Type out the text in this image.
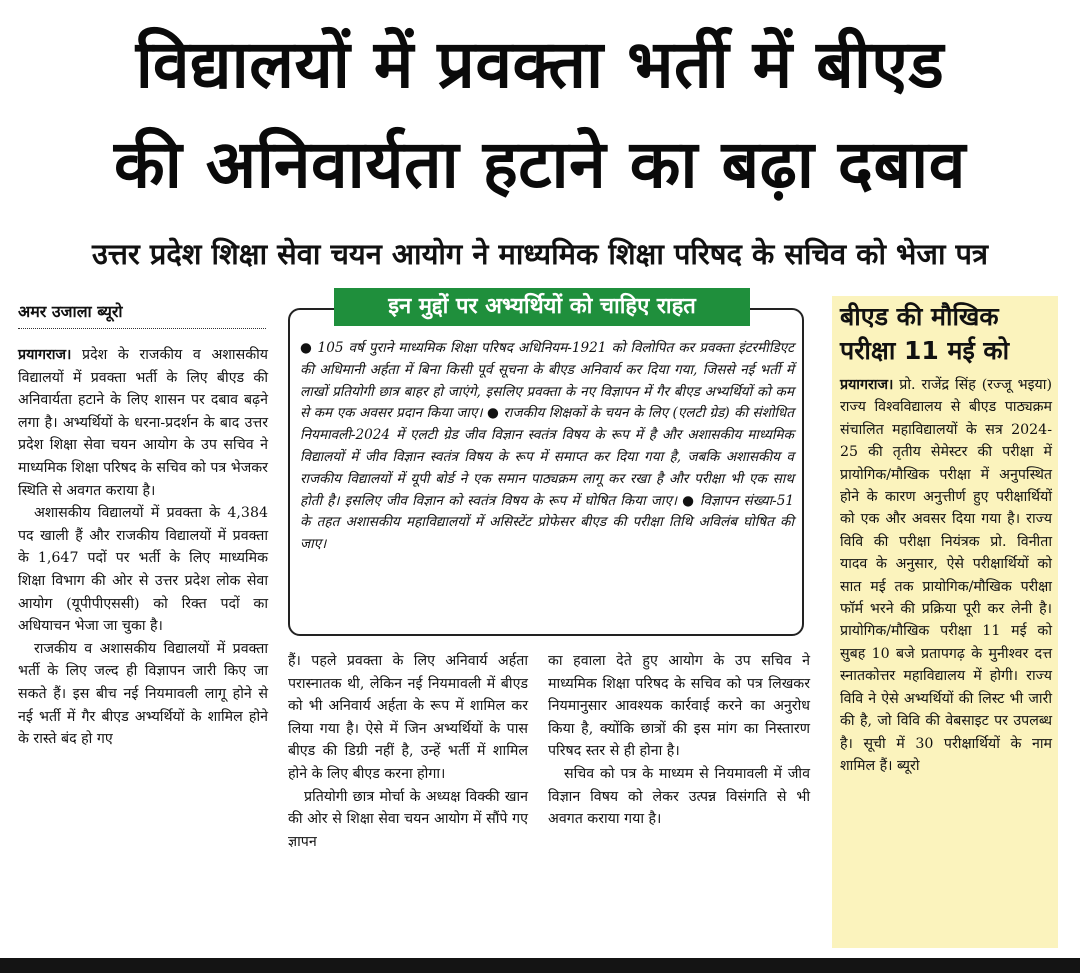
विद्यालयों में प्रवक्ता भर्ती में बीएड
की अनिवार्यता हटाने का बढ़ा दबाव
उत्तर प्रदेश शिक्षा सेवा चयन आयोग ने माध्यमिक शिक्षा परिषद के सचिव को भेजा पत्र
अमर उजाला ब्यूरो

प्रयागराज। प्रदेश के राजकीय व अशासकीय विद्यालयों में प्रवक्ता भर्ती के लिए बीएड की अनिवार्यता हटाने के लिए शासन पर दबाव बढ़ने लगा है। अभ्यर्थियों के धरना-प्रदर्शन के बाद उत्तर प्रदेश शिक्षा सेवा चयन आयोग के उप सचिव ने माध्यमिक शिक्षा परिषद के सचिव को पत्र भेजकर स्थिति से अवगत कराया है।

अशासकीय विद्यालयों में प्रवक्ता के 4,384 पद खाली हैं और राजकीय विद्यालयों में प्रवक्ता के 1,647 पदों पर भर्ती के लिए माध्यमिक शिक्षा विभाग की ओर से उत्तर प्रदेश लोक सेवा आयोग (यूपीपीएससी) को रिक्त पदों का अधियाचन भेजा जा चुका है।

राजकीय व अशासकीय विद्यालयों में प्रवक्ता भर्ती के लिए जल्द ही विज्ञापन जारी किए जा सकते हैं। इस बीच नई नियमावली लागू होने से नई भर्ती में गैर बीएड अभ्यर्थियों के शामिल होने के रास्ते बंद हो गए

इन मुद्दों पर अभ्यर्थियों को चाहिए राहत
● 105 वर्ष पुराने माध्यमिक शिक्षा परिषद अधिनियम-1921 को विलोपित कर प्रवक्ता इंटरमीडिएट की अधिमानी अर्हता में बिना किसी पूर्व सूचना के बीएड अनिवार्य कर दिया गया, जिससे नई भर्ती में लाखों प्रतियोगी छात्र बाहर हो जाएंगे, इसलिए प्रवक्ता के नए विज्ञापन में गैर बीएड अभ्यर्थियों को कम से कम एक अवसर प्रदान किया जाए। ● राजकीय शिक्षकों के चयन के लिए (एलटी ग्रेड) की संशोधित नियमावली-2024 में एलटी ग्रेड जीव विज्ञान स्वतंत्र विषय के रूप में है और अशासकीय माध्यमिक विद्यालयों में जीव विज्ञान स्वतंत्र विषय के रूप में समाप्त कर दिया गया है, जबकि अशासकीय व राजकीय विद्यालयों में यूपी बोर्ड ने एक समान पाठ्यक्रम लागू कर रखा है और परीक्षा भी एक साथ होती है। इसलिए जीव विज्ञान को स्वतंत्र विषय के रूप में घोषित किया जाए। ● विज्ञापन संख्या-51 के तहत अशासकीय महाविद्यालयों में असिस्टेंट प्रोफेसर बीएड की परीक्षा तिथि अविलंब घोषित की जाए।

हैं। पहले प्रवक्ता के लिए अनिवार्य अर्हता परास्नातक थी, लेकिन नई नियमावली में बीएड को भी अनिवार्य अर्हता के रूप में शामिल कर लिया गया है। ऐसे में जिन अभ्यर्थियों के पास बीएड की डिग्री नहीं है, उन्हें भर्ती में शामिल होने के लिए बीएड करना होगा।

प्रतियोगी छात्र मोर्चा के अध्यक्ष विक्की खान की ओर से शिक्षा सेवा चयन आयोग में सौंपे गए ज्ञापन

का हवाला देते हुए आयोग के उप सचिव ने माध्यमिक शिक्षा परिषद के सचिव को पत्र लिखकर नियमानुसार आवश्यक कार्रवाई करने का अनुरोध किया है, क्योंकि छात्रों की इस मांग का निस्तारण परिषद स्तर से ही होना है।

सचिव को पत्र के माध्यम से नियमावली में जीव विज्ञान विषय को लेकर उत्पन्न विसंगति से भी अवगत कराया गया है।

बीएड की मौखिक परीक्षा 11 मई को
प्रयागराज। प्रो. राजेंद्र सिंह (रज्जू भइया) राज्य विश्वविद्यालय से बीएड पाठ्यक्रम संचालित महाविद्यालयों के सत्र 2024-25 की तृतीय सेमेस्टर की परीक्षा में प्रायोगिक/मौखिक परीक्षा में अनुपस्थित होने के कारण अनुत्तीर्ण हुए परीक्षार्थियों को एक और अवसर दिया गया है। राज्य विवि की परीक्षा नियंत्रक प्रो. विनीता यादव के अनुसार, ऐसे परीक्षार्थियों को सात मई तक प्रायोगिक/मौखिक परीक्षा फॉर्म भरने की प्रक्रिया पूरी कर लेनी है। प्रायोगिक/मौखिक परीक्षा 11 मई को सुबह 10 बजे प्रतापगढ़ के मुनीश्वर दत्त स्नातकोत्तर महाविद्यालय में होगी। राज्य विवि ने ऐसे अभ्यर्थियों की लिस्ट भी जारी की है, जो विवि की वेबसाइट पर उपलब्ध है। सूची में 30 परीक्षार्थियों के नाम शामिल हैं। ब्यूरो
